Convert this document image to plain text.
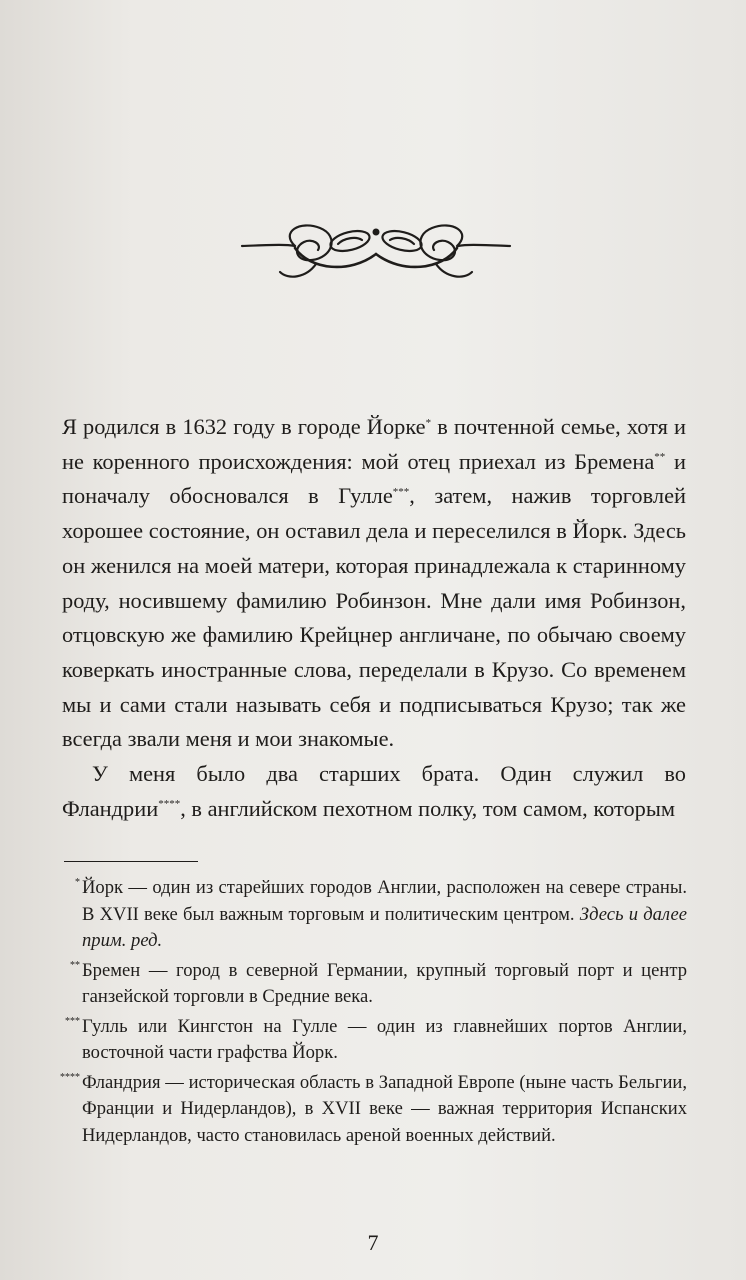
Я родился в 1632 году в городе Йорке* в почтенной семье, хотя и не коренного происхождения: мой отец приехал из Бремена** и поначалу обосновался в Гулле***, затем, нажив торговлей хорошее состояние, он оставил дела и переселился в Йорк. Здесь он женился на моей матери, которая принадлежала к старинному роду, носившему фамилию Робинзон. Мне дали имя Робинзон, отцовскую же фамилию Крейцнер англичане, по обычаю своему коверкать иностранные слова, переделали в Крузо. Со временем мы и сами стали называть себя и подписываться Крузо; так же всегда звали меня и мои знакомые.

У меня было два старших брата. Один служил во Фландрии****, в английском пехотном полку, том самом, которым

* Йорк — один из старейших городов Англии, расположен на севере страны. В XVII веке был важным торговым и политическим центром. Здесь и далее прим. ред.
** Бремен — город в северной Германии, крупный торговый порт и центр ганзейской торговли в Средние века.
*** Гулль или Кингстон на Гулле — один из главнейших портов Англии, восточной части графства Йорк.
**** Фландрия — историческая область в Западной Европе (ныне часть Бельгии, Франции и Нидерландов), в XVII веке — важная территория Испанских Нидерландов, часто становилась ареной военных действий.
7
